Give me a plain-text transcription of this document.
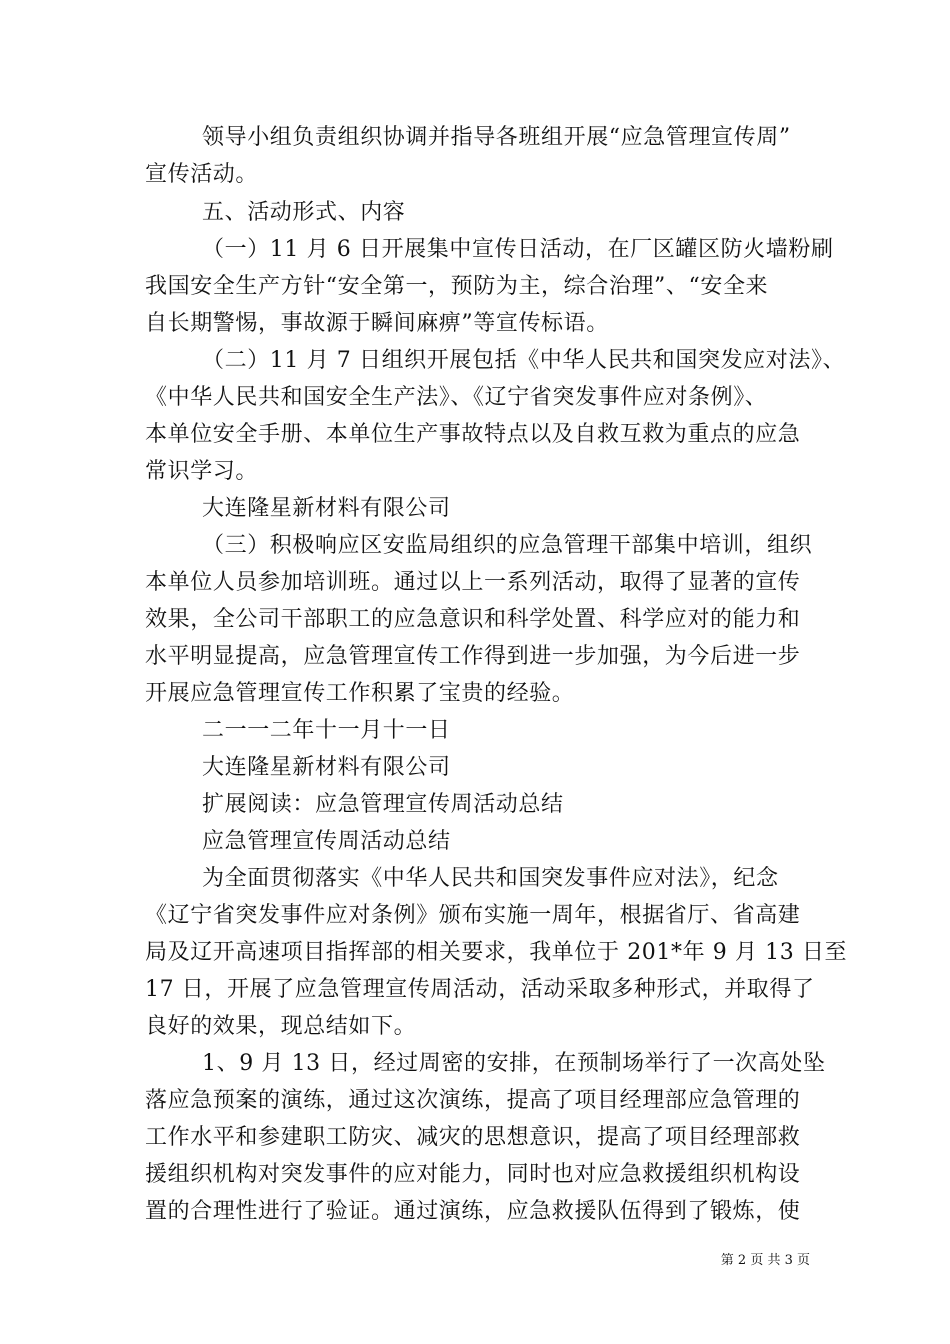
领导小组负责组织协调并指导各班组开展“应急管理宣传周”
宣传活动。
五、活动形式、内容
（一）11 月 6 日开展集中宣传日活动，在厂区罐区防火墙粉刷
我国安全生产方针“安全第一，预防为主，综合治理”、“安全来
自长期警惕，事故源于瞬间麻痹”等宣传标语。
（二）11 月 7 日组织开展包括《中华人民共和国突发应对法》、
《中华人民共和国安全生产法》、《辽宁省突发事件应对条例》、
本单位安全手册、本单位生产事故特点以及自救互救为重点的应急
常识学习。
大连隆星新材料有限公司
（三）积极响应区安监局组织的应急管理干部集中培训，组织
本单位人员参加培训班。通过以上一系列活动，取得了显著的宣传
效果，全公司干部职工的应急意识和科学处置、科学应对的能力和
水平明显提高，应急管理宣传工作得到进一步加强，为今后进一步
开展应急管理宣传工作积累了宝贵的经验。
二一一二年十一月十一日
大连隆星新材料有限公司
扩展阅读：应急管理宣传周活动总结
应急管理宣传周活动总结
为全面贯彻落实《中华人民共和国突发事件应对法》，纪念
《辽宁省突发事件应对条例》颁布实施一周年，根据省厅、省高建
局及辽开高速项目指挥部的相关要求，我单位于 201*年 9 月 13 日至
17 日，开展了应急管理宣传周活动，活动采取多种形式，并取得了
良好的效果，现总结如下。
1、9 月 13 日，经过周密的安排，在预制场举行了一次高处坠
落应急预案的演练，通过这次演练，提高了项目经理部应急管理的
工作水平和参建职工防灾、减灾的思想意识，提高了项目经理部救
援组织机构对突发事件的应对能力，同时也对应急救援组织机构设
置的合理性进行了验证。通过演练，应急救援队伍得到了锻炼，使
第 2 页 共 3 页
